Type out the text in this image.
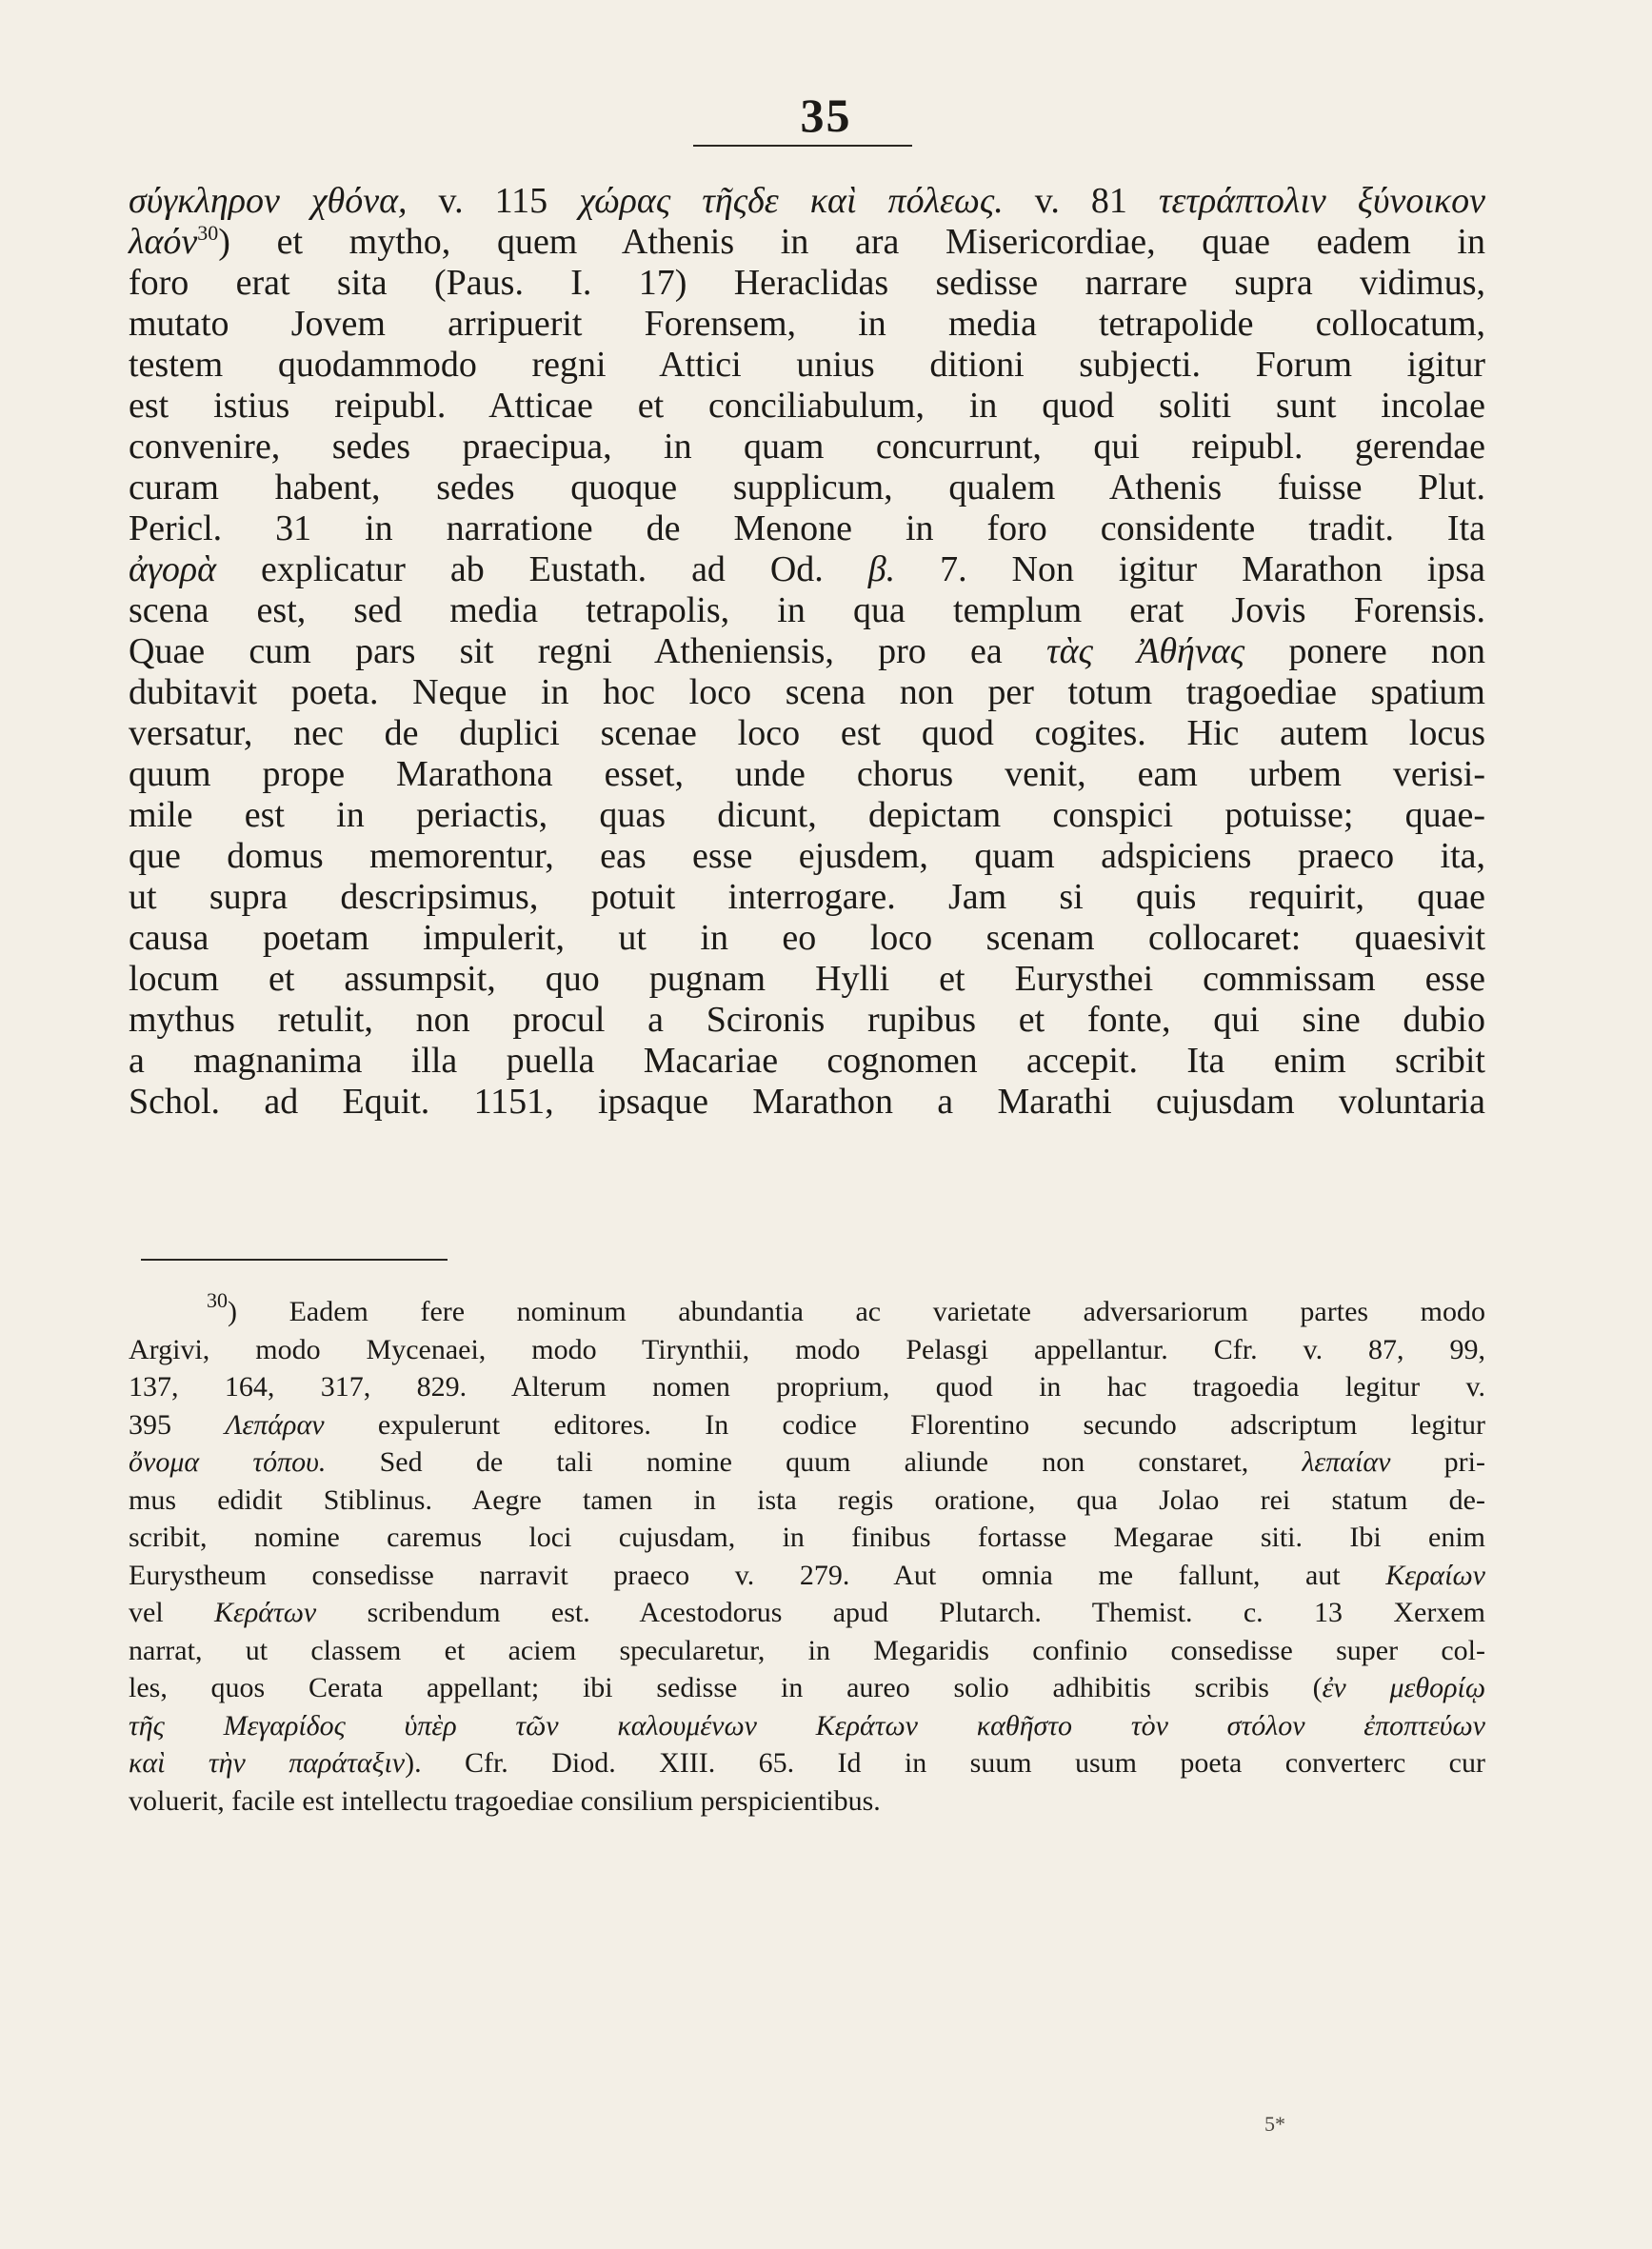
35
σύγκληρον χθόνα, v. 115 χώρας τῆςδε καὶ πόλεως. v. 81 τετράπτολιν ξύνοικον
λαόν$^{30}$) et mytho, quem Athenis in ara Misericordiae, quae eadem in
foro erat sita (Paus. I. 17) Heraclidas sedisse narrare supra vidimus,
mutato Jovem arripuerit Forensem, in media tetrapolide collocatum,
testem quodammodo regni Attici unius ditioni subjecti. Forum igitur
est istius reipubl. Atticae et conciliabulum, in quod soliti sunt incolae
convenire, sedes praecipua, in quam concurrunt, qui reipubl. gerendae
curam habent, sedes quoque supplicum, qualem Athenis fuisse Plut.
Pericl. 31 in narratione de Menone in foro considente tradit. Ita
ἀγορὰ explicatur ab Eustath. ad Od. β. 7. Non igitur Marathon ipsa
scena est, sed media tetrapolis, in qua templum erat Jovis Forensis.
Quae cum pars sit regni Atheniensis, pro ea τὰς Ἀθήνας ponere non
dubitavit poeta. Neque in hoc loco scena non per totum tragoediae spatium
versatur, nec de duplici scenae loco est quod cogites. Hic autem locus
quum prope Marathona esset, unde chorus venit, eam urbem verisi-
mile est in periactis, quas dicunt, depictam conspici potuisse; quae-
que domus memorentur, eas esse ejusdem, quam adspiciens praeco ita,
ut supra descripsimus, potuit interrogare. Jam si quis requirit, quae
causa poetam impulerit, ut in eo loco scenam collocaret: quaesivit
locum et assumpsit, quo pugnam Hylli et Eurysthei commissam esse
mythus retulit, non procul a Scironis rupibus et fonte, qui sine dubio
a magnanima illa puella Macariae cognomen accepit. Ita enim scribit
Schol. ad Equit. 1151, ipsaque Marathon a Marathi cujusdam voluntaria
$^{30}$) Eadem fere nominum abundantia ac varietate adversariorum partes modo
Argivi, modo Mycenaei, modo Tirynthii, modo Pelasgi appellantur. Cfr. v. 87, 99,
137, 164, 317, 829. Alterum nomen proprium, quod in hac tragoedia legitur v.
395 Λεπάραν expulerunt editores. In codice Florentino secundo adscriptum legitur
ὄνομα τόπου. Sed de tali nomine quum aliunde non constaret, λεπαίαν pri-
mus edidit Stiblinus. Aegre tamen in ista regis oratione, qua Jolao rei statum de-
scribit, nomine caremus loci cujusdam, in finibus fortasse Megarae siti. Ibi enim
Eurystheum consedisse narravit praeco v. 279. Aut omnia me fallunt, aut Κεραίων
vel Κεράτων scribendum est. Acestodorus apud Plutarch. Themist. c. 13 Xerxem
narrat, ut classem et aciem specularetur, in Megaridis confinio consedisse super col-
les, quos Cerata appellant; ibi sedisse in aureo solio adhibitis scribis (ἐν μεθορίῳ
τῆς Μεγαρίδος ὑπὲρ τῶν καλουμένων Κεράτων καθῆστο τὸν στόλον ἐποπτεύων
καὶ τὴν παράταξιν). Cfr. Diod. XIII. 65. Id in suum usum poeta converterc cur
voluerit, facile est intellectu tragoediae consilium perspicientibus.
5*
